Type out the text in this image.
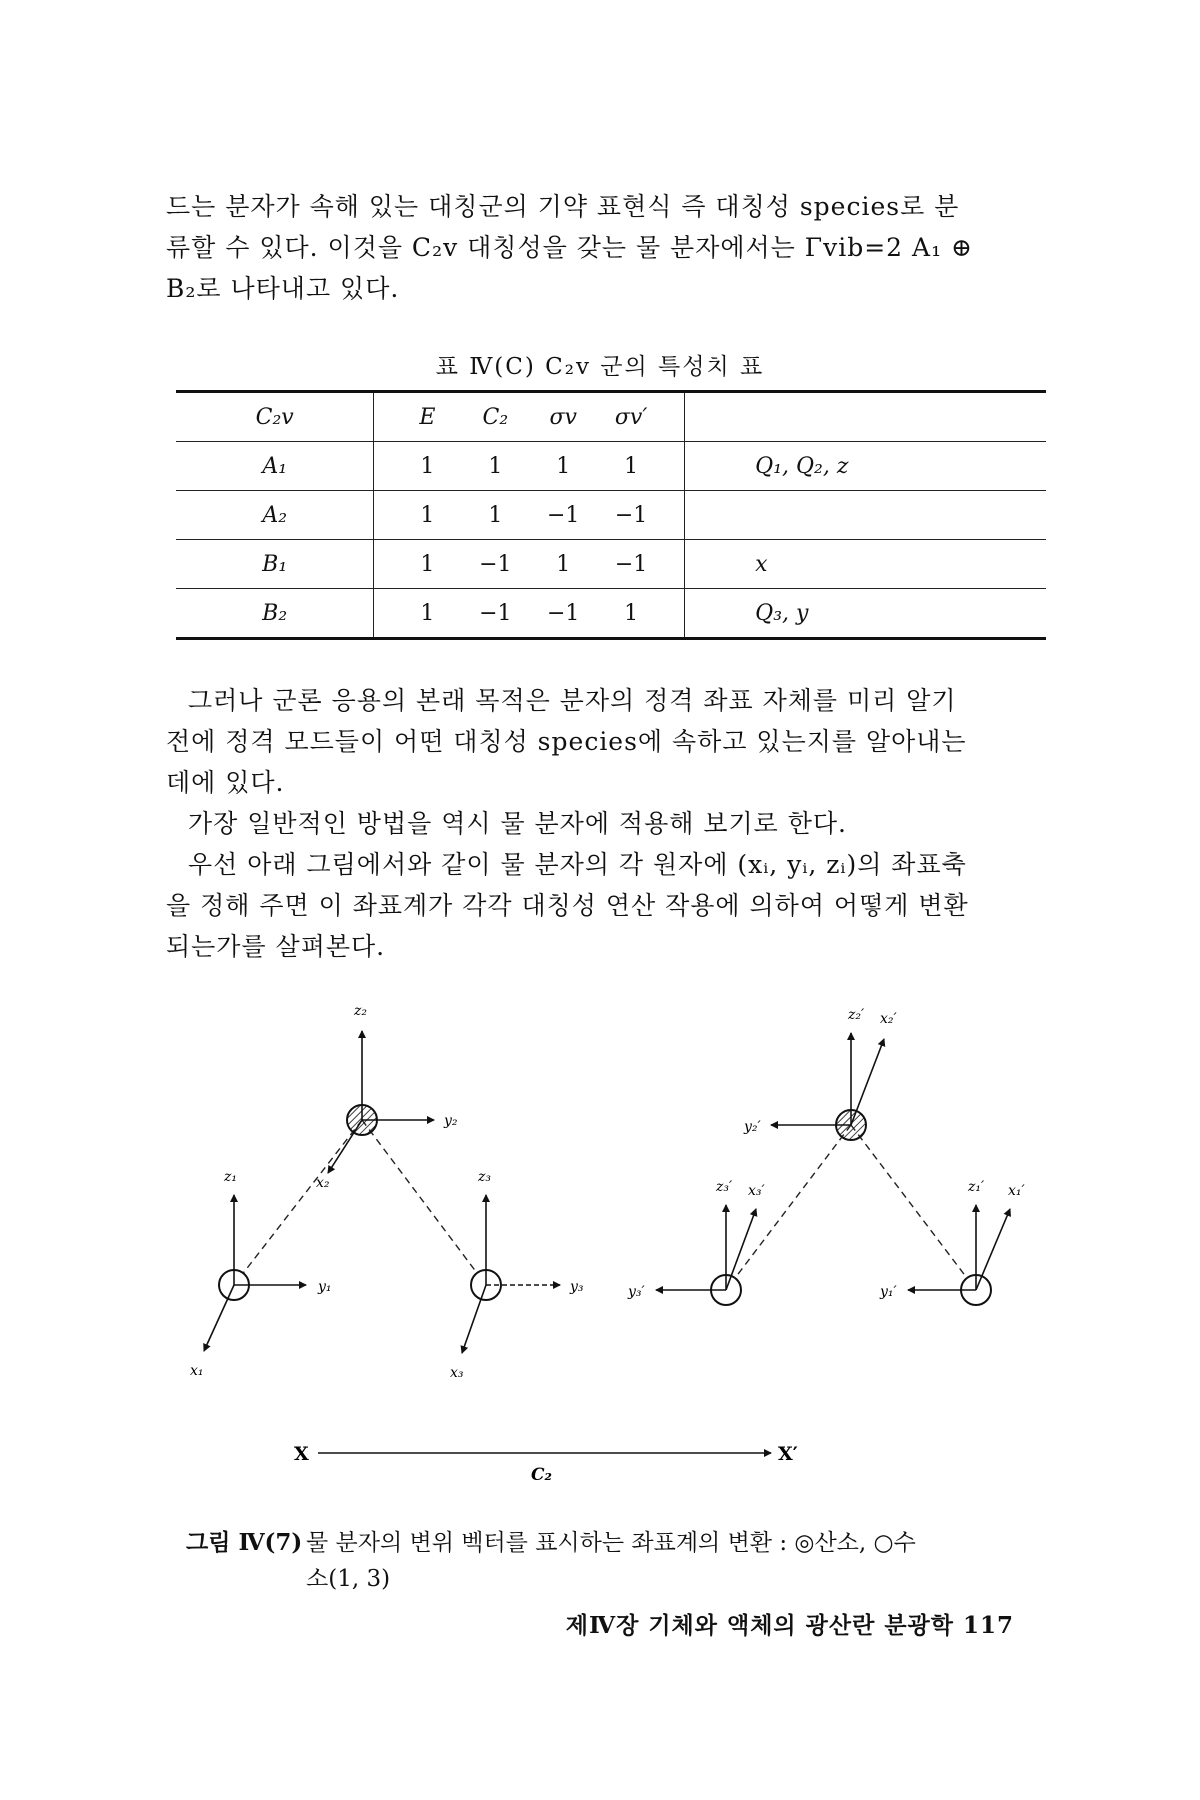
드는 분자가 속해 있는 대칭군의 기약 표현식 즉 대칭성 species로 분
류할 수 있다. 이것을 C₂v 대칭성을 갖는 물 분자에서는 Γvib=2 A₁ ⊕
B₂로 나타내고 있다.
표 Ⅳ(C) C₂v 군의 특성치 표
C₂v		E	C₂	σv	σv′		
A₁		1	1	1	1		Q₁, Q₂, z
A₂		1	1	−1	−1		
B₁		1	−1	1	−1		x
B₂		1	−1	−1	1		Q₃, y
그러나 군론 응용의 본래 목적은 분자의 정격 좌표 자체를 미리 알기
전에 정격 모드들이 어떤 대칭성 species에 속하고 있는지를 알아내는
데에 있다.
가장 일반적인 방법을 역시 물 분자에 적용해 보기로 한다.
우선 아래 그림에서와 같이 물 분자의 각 원자에 (xᵢ, yᵢ, zᵢ)의 좌표축
을 정해 주면 이 좌표계가 각각 대칭성 연산 작용에 의하여 어떻게 변환
되는가를 살펴본다.
z₂
y₂
x₂
z₁
y₁
x₁
z₃
y₃
x₃
z₂′ x₂′
y₂′
z₃′ x₃′
y₃′
z₁′ x₁′
y₁′
X	X′
C₂
그림 Ⅳ(7) 물 분자의 변위 벡터를 표시하는 좌표계의 변환 : ◎산소, ○수
소(1, 3)
제Ⅳ장 기체와 액체의 광산란 분광학 117
